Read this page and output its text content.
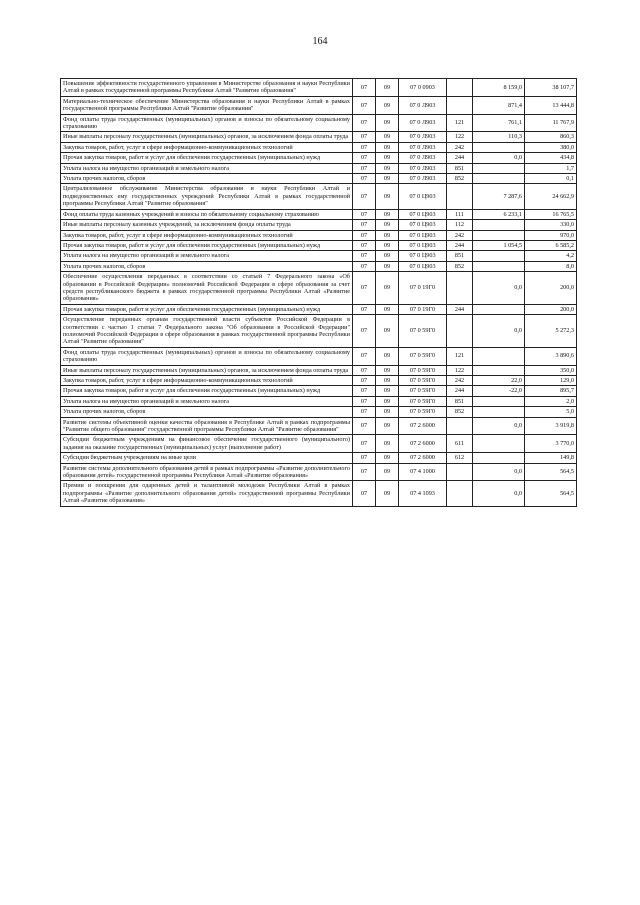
164
Повышение эффективности государственного управления в Министерстве образования и науки Республики Алтай в рамках государственной программы Республики Алтай "Развитие образования"	07	09	07 0 0903		8 159,0	38 107,7
Материально-техническое обеспечение Министерства образования и науки Республики Алтай в рамках государственной программы Республики Алтай "Развитие образования"	07	09	07 0 Л903		871,4	13 444,8
Фонд оплаты труда государственных (муниципальных) органов и взносы по обязательному социальному страхованию	07	09	07 0 Л903	121	761,1	11 767,9
Иные выплаты персоналу государственных (муниципальных) органов, за исключением фонда оплаты труда	07	09	07 0 Л903	122	110,3	860,3
Закупка товаров, работ, услуг в сфере информационно-коммуникационных технологий	07	09	07 0 Л903	242		380,0
Прочая закупка товаров, работ и услуг для обеспечения государственных (муниципальных) нужд	07	09	07 0 Л903	244	0,0	434,8
Уплата налога на имущество организаций и земельного налога	07	09	07 0 Л903	851		1,7
Уплата прочих налогов, сборов	07	09	07 0 Л903	852		0,1
Централизованное обслуживание Министерства образования и науки Республики Алтай и подведомственных ему государственных учреждений Республики Алтай в рамках государственной программы Республики Алтай "Развитие образования"	07	09	07 0 Ц903		7 287,6	24 662,9
Фонд оплаты труда казенных учреждений и взносы по обязательному социальному страхованию	07	09	07 0 Ц903	111	6 233,1	16 765,5
Иные выплаты персоналу казенных учреждений, за исключением фонда оплаты труда	07	09	07 0 Ц903	112		330,0
Закупка товаров, работ, услуг в сфере информационно-коммуникационных технологий	07	09	07 0 Ц903	242		970,0
Прочая закупка товаров, работ и услуг для обеспечения государственных (муниципальных) нужд	07	09	07 0 Ц903	244	1 054,5	6 585,2
Уплата налога на имущество организаций и земельного налога	07	09	07 0 Ц903	851		4,2
Уплата прочих налогов, сборов	07	09	07 0 Ц903	852		8,0
Обеспечение осуществления переданных в соответствии со статьей 7 Федерального закона «Об образовании в Российской Федерации» полномочий Российской Федерации в сфере образования за счет средств республиканского бюджета в рамках государственной программы Республики Алтай «Развитие образования»	07	09	07 0 19Г0		0,0	200,0
Прочая закупка товаров, работ и услуг для обеспечения государственных (муниципальных) нужд	07	09	07 0 19Г0	244		200,0
Осуществление переданных органам государственной власти субъектов Российской Федерации в соответствии с частью 1 статьи 7 Федерального закона "Об образовании в Российской Федерации" полномочий Российской Федерации в сфере образования в рамках государственной программы Республики Алтай "Развитие образования"	07	09	07 0 59Г0		0,0	5 272,3
Фонд оплаты труда государственных (муниципальных) органов и взносы по обязательному социальному страхованию	07	09	07 0 59Г0	121		3 890,6
Иные выплаты персоналу государственных (муниципальных) органов, за исключением фонда оплаты труда	07	09	07 0 59Г0	122		350,0
Закупка товаров, работ, услуг в сфере информационно-коммуникационных технологий	07	09	07 0 59Г0	242	22,0	129,0
Прочая закупка товаров, работ и услуг для обеспечения государственных (муниципальных) нужд	07	09	07 0 59Г0	244	-22,0	895,7
Уплата налога на имущество организаций и земельного налога	07	09	07 0 59Г0	851		2,0
Уплата прочих налогов, сборов	07	09	07 0 59Г0	852		5,0
Развитие системы объективной оценки качества образования в Республике Алтай в рамках подпрограммы "Развитие общего образования" государственной программы Республики Алтай "Развитие образования"	07	09	07 2 6000		0,0	3 919,8
Субсидии бюджетным учреждениям на финансовое обеспечение государственного (муниципального) задания на оказание государственных (муниципальных) услуг (выполнение работ)	07	09	07 2 6000	611		3 770,0
Субсидии бюджетным учреждениям на иные цели	07	09	07 2 6000	612		149,8
Развитие системы дополнительного образования детей в рамках подпрограммы «Развитие дополнительного образования детей» государственной программы Республики Алтай «Развитие образования»	07	09	07 4 1000		0,0	564,5
Премии и поощрения для одаренных детей и талантливой молодежи Республики Алтай в рамках подпрограммы «Развитие дополнительного образования детей» государственной программы Республики Алтай «Развитие образования»	07	09	07 4 1093		0,0	564,5
